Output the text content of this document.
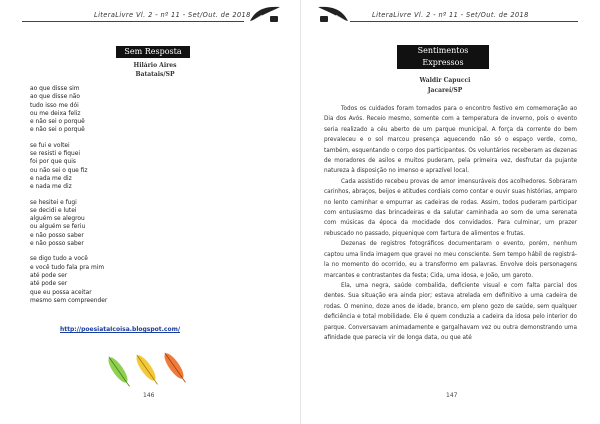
LiteraLivre Vl. 2 - nº 11 - Set/Out. de 2018
Sem Resposta
Hilário Aires
Batatais/SP
ao que disse sim
ao que disse não
tudo isso me dói
ou me deixa feliz
e não sei o porquê
e não sei o porquê
se fui e voltei
se resisti e fiquei
foi por que quis
ou não sei o que fiz
e nada me diz
e nada me diz
se hesitei e fugi
se decidi e lutei
alguém se alegrou
ou alguém se feriu
e não posso saber
e não posso saber
se digo tudo a você
e você tudo fala pra mim
até pode ser
até pode ser
que eu possa aceitar
mesmo sem compreender
http://poesiataIcoisa.blogspot.com/
146
LiteraLivre Vl. 2 - nº 11 - Set/Out. de 2018
Sentimentos Expressos
Waldir Capucci
Jacareí/SP

Todos os cuidados foram tomados para o encontro festivo em comemoração ao Dia dos Avós. Receio mesmo, somente com a temperatura de inverno, pois o evento seria realizado a céu aberto de um parque municipal. A força da corrente do bem prevaleceu e o sol marcou presença aquecendo não só o espaço verde, como, também, esquentando o corpo dos participantes. Os voluntários receberam as dezenas de moradores de asilos e muitos puderam, pela primeira vez, desfrutar da pujante natureza à disposição no imenso e aprazível local.

Cada assistido recebeu provas de amor imensuráveis dos acolhedores. Sobraram carinhos, abraços, beijos e atitudes cordiais como contar e ouvir suas histórias, amparo no lento caminhar e empurrar as cadeiras de rodas. Assim, todos puderam participar com entusiasmo das brincadeiras e da salutar caminhada ao som de uma serenata com músicas da época da mocidade dos convidados. Para culminar, um prazer rebuscado no passado, piquenique com fartura de alimentos e frutas.

Dezenas de registros fotográficos documentaram o evento, porém, nenhum captou uma linda imagem que gravei no meu consciente. Sem tempo hábil de registrá-la no momento do ocorrido, eu a transformo em palavras. Envolve dois personagens marcantes e contrastantes da festa; Cida, uma idosa, e João, um garoto.

Ela, uma negra, saúde combalida, deficiente visual e com falta parcial dos dentes. Sua situação era ainda pior; estava atrelada em definitivo a uma cadeira de rodas. O menino, doze anos de idade, branco, em pleno gozo de saúde, sem qualquer deficiência e total mobilidade. Ele é quem conduzia a cadeira da idosa pelo interior do parque. Conversavam animadamente e gargalhavam vez ou outra demonstrando uma afinidade que parecia vir de longa data, ou que até

147
